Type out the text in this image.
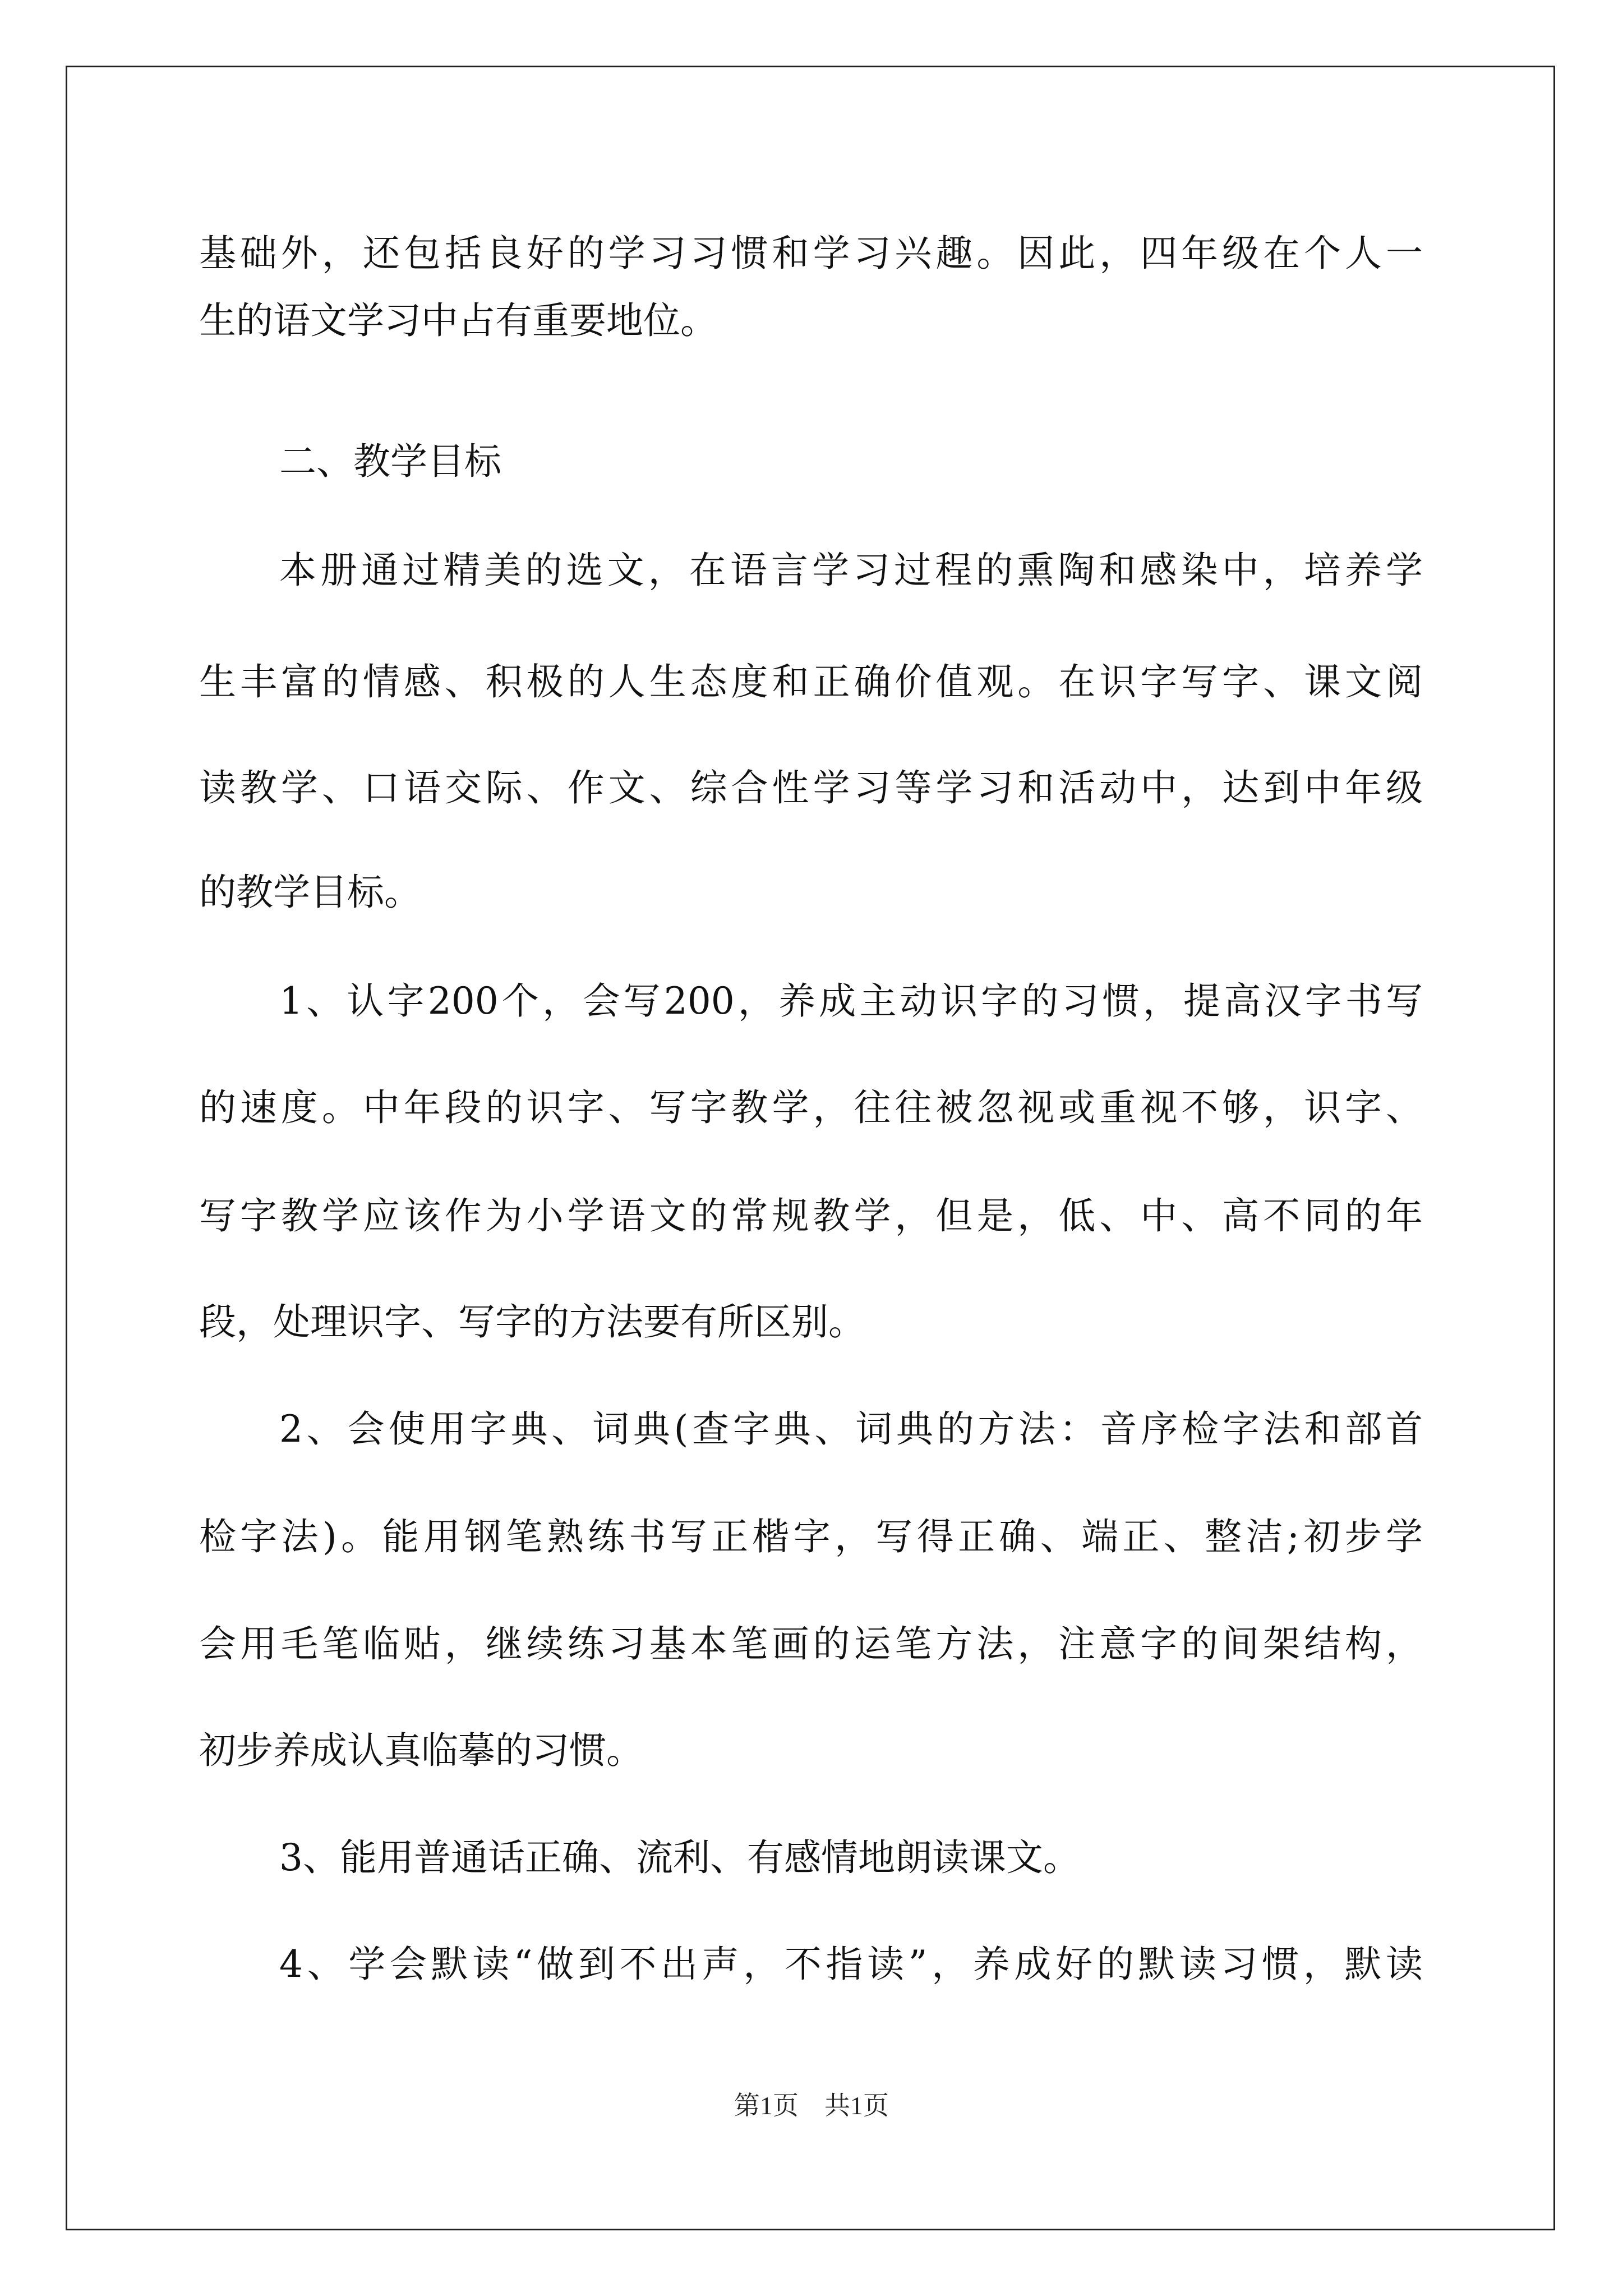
基础外，还包括良好的学习习惯和学习兴趣。因此，四年级在个人一
生的语文学习中占有重要地位。
二、教学目标
本册通过精美的选文，在语言学习过程的熏陶和感染中，培养学
生丰富的情感、积极的人生态度和正确价值观。在识字写字、课文阅
读教学、口语交际、作文、综合性学习等学习和活动中，达到中年级
的教学目标。
1、认字200个，会写200，养成主动识字的习惯，提高汉字书写
的速度。中年段的识字、写字教学，往往被忽视或重视不够，识字、
写字教学应该作为小学语文的常规教学，但是，低、中、高不同的年
段，处理识字、写字的方法要有所区别。
2、会使用字典、词典(查字典、词典的方法：音序检字法和部首
检字法)。能用钢笔熟练书写正楷字，写得正确、端正、整洁;初步学
会用毛笔临贴，继续练习基本笔画的运笔方法，注意字的间架结构，
初步养成认真临摹的习惯。
3、能用普通话正确、流利、有感情地朗读课文。
4、学会默读“做到不出声，不指读”，养成好的默读习惯，默读
第1页　共1页
